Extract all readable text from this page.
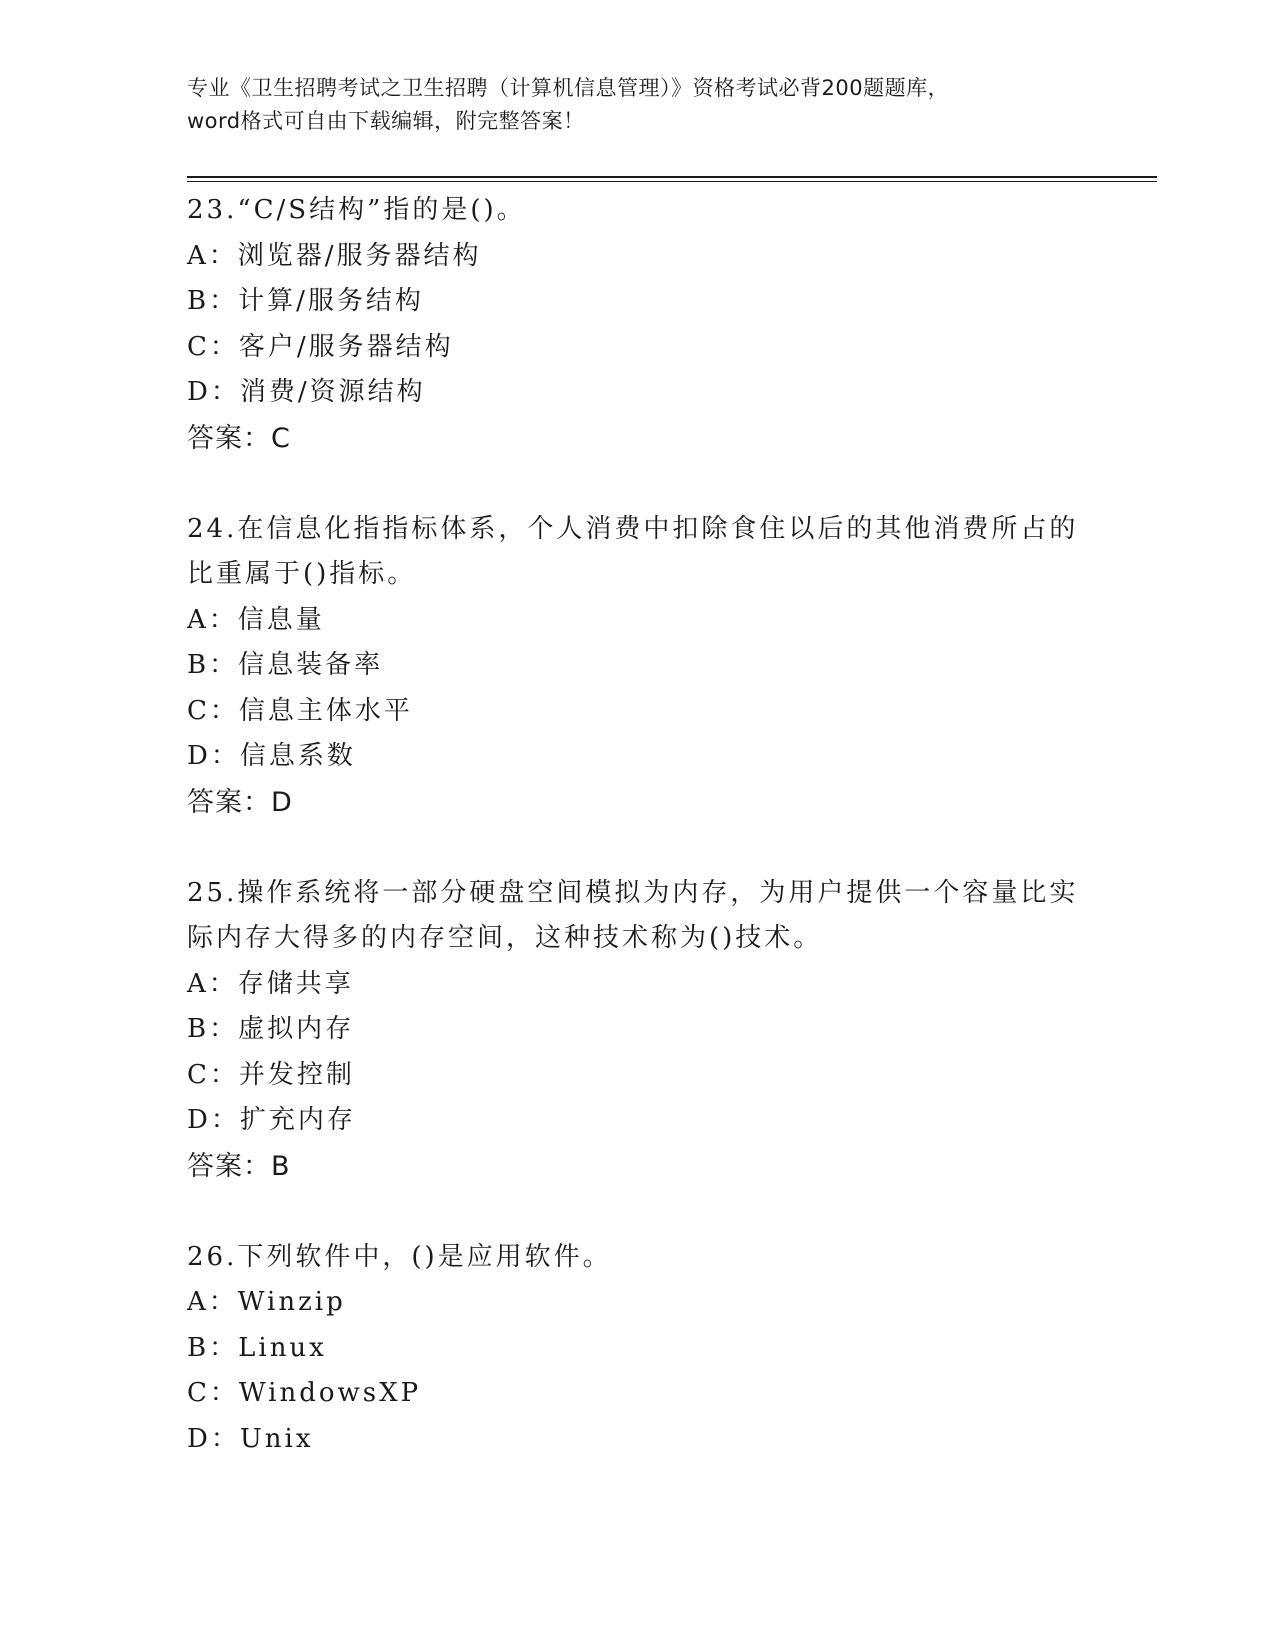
专业《卫生招聘考试之卫生招聘（计算机信息管理）》资格考试必背200题题库，
word格式可自由下载编辑，附完整答案！
23.“C/S结构”指的是()。
A：浏览器/服务器结构
B：计算/服务结构
C：客户/服务器结构
D：消费/资源结构
答案：C
24.在信息化指指标体系，个人消费中扣除食住以后的其他消费所占的
比重属于()指标。
A：信息量
B：信息装备率
C：信息主体水平
D：信息系数
答案：D
25.操作系统将一部分硬盘空间模拟为内存，为用户提供一个容量比实
际内存大得多的内存空间，这种技术称为()技术。
A：存储共享
B：虚拟内存
C：并发控制
D：扩充内存
答案：B
26.下列软件中，()是应用软件。
A：Winzip
B：Linux
C：WindowsXP
D：Unix
